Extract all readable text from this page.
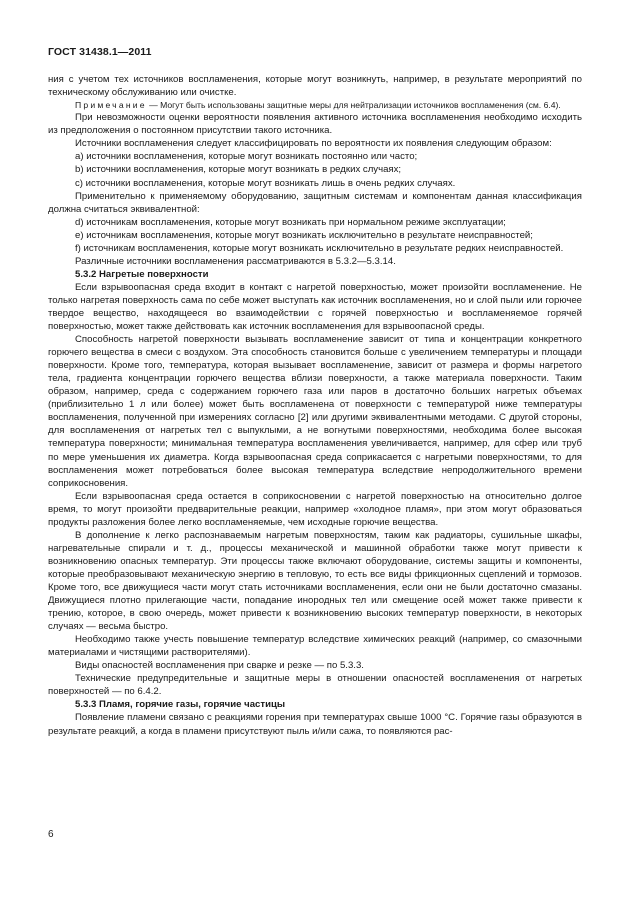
ГОСТ 31438.1—2011

ния с учетом тех источников воспламенения, которые могут возникнуть, например, в результате мероприятий по техническому обслуживанию или очистке.

Примечание — Могут быть использованы защитные меры для нейтрализации источников воспламенения (см. 6.4).

При невозможности оценки вероятности появления активного источника воспламенения необходимо исходить из предположения о постоянном присутствии такого источника.

Источники воспламенения следует классифицировать по вероятности их появления следующим образом:

a) источники воспламенения, которые могут возникать постоянно или часто;

b) источники воспламенения, которые могут возникать в редких случаях;

c) источники воспламенения, которые могут возникать лишь в очень редких случаях.

Применительно к применяемому оборудованию, защитным системам и компонентам данная классификация должна считаться эквивалентной:

d) источникам воспламенения, которые могут возникать при нормальном режиме эксплуатации;

e) источникам воспламенения, которые могут возникать исключительно в результате неисправностей;

f) источникам воспламенения, которые могут возникать исключительно в результате редких неисправностей.

Различные источники воспламенения рассматриваются в 5.3.2—5.3.14.

5.3.2 Нагретые поверхности

Если взрывоопасная среда входит в контакт с нагретой поверхностью, может произойти воспламенение. Не только нагретая поверхность сама по себе может выступать как источник воспламенения, но и слой пыли или горючее твердое вещество, находящееся во взаимодействии с горячей поверхностью и воспламеняемое горячей поверхностью, может также действовать как источник воспламенения для взрывоопасной среды.

Способность нагретой поверхности вызывать воспламенение зависит от типа и концентрации конкретного горючего вещества в смеси с воздухом. Эта способность становится больше с увеличением температуры и площади поверхности. Кроме того, температура, которая вызывает воспламенение, зависит от размера и формы нагретого тела, градиента концентрации горючего вещества вблизи поверхности, а также материала поверхности. Таким образом, например, среда с содержанием горючего газа или паров в достаточно больших нагретых объемах (приблизительно 1 л или более) может быть воспламенена от поверхности с температурой ниже температуры воспламенения, полученной при измерениях согласно [2] или другими эквивалентными методами. С другой стороны, для воспламенения от нагретых тел с выпуклыми, а не вогнутыми поверхностями, необходима более высокая температура поверхности; минимальная температура воспламенения увеличивается, например, для сфер или труб по мере уменьшения их диаметра. Когда взрывоопасная среда соприкасается с нагретыми поверхностями, то для воспламенения может потребоваться более высокая температура вследствие непродолжительного времени соприкосновения.

Если взрывоопасная среда остается в соприкосновении с нагретой поверхностью на относительно долгое время, то могут произойти предварительные реакции, например «холодное пламя», при этом могут образоваться продукты разложения более легко воспламеняемые, чем исходные горючие вещества.

В дополнение к легко распознаваемым нагретым поверхностям, таким как радиаторы, сушильные шкафы, нагревательные спирали и т. д., процессы механической и машинной обработки также могут привести к возникновению опасных температур. Эти процессы также включают оборудование, системы защиты и компоненты, которые преобразовывают механическую энергию в тепловую, то есть все виды фрикционных сцеплений и тормозов. Кроме того, все движущиеся части могут стать источниками воспламенения, если они не были достаточно смазаны. Движущиеся плотно прилегающие части, попадание инородных тел или смещение осей может также привести к трению, которое, в свою очередь, может привести к возникновению высоких температур поверхности, в некоторых случаях — весьма быстро.

Необходимо также учесть повышение температур вследствие химических реакций (например, со смазочными материалами и чистящими растворителями).

Виды опасностей воспламенения при сварке и резке — по 5.3.3.

Технические предупредительные и защитные меры в отношении опасностей воспламенения от нагретых поверхностей — по 6.4.2.

5.3.3 Пламя, горячие газы, горячие частицы

Появление пламени связано с реакциями горения при температурах свыше 1000 °С. Горячие газы образуются в результате реакций, а когда в пламени присутствуют пыль и/или сажа, то появляются рас-

6
